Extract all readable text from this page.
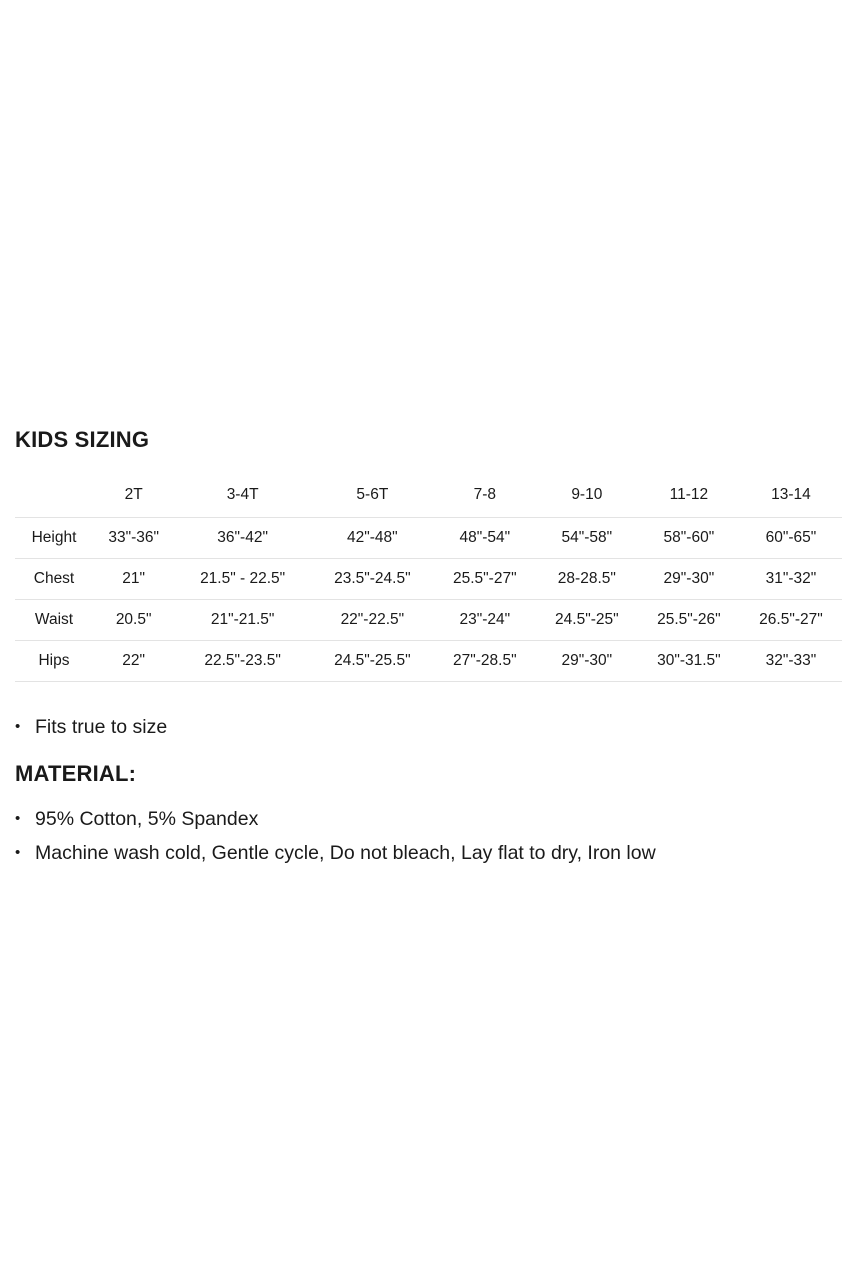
KIDS SIZING
	2T	3-4T	5-6T	7-8	9-10	11-12	13-14
Height	33"-36"	36"-42"	42"-48"	48"-54"	54"-58"	58"-60"	60"-65"
Chest	21"	21.5" - 22.5"	23.5"-24.5"	25.5"-27"	28-28.5"	29"-30"	31"-32"
Waist	20.5"	21"-21.5"	22"-22.5"	23"-24"	24.5"-25"	25.5"-26"	26.5"-27"
Hips	22"	22.5"-23.5"	24.5"-25.5"	27"-28.5"	29"-30"	30"-31.5"	32"-33"
• Fits true to size
MATERIAL:
• 95% Cotton, 5% Spandex
• Machine wash cold, Gentle cycle, Do not bleach, Lay flat to dry, Iron low
